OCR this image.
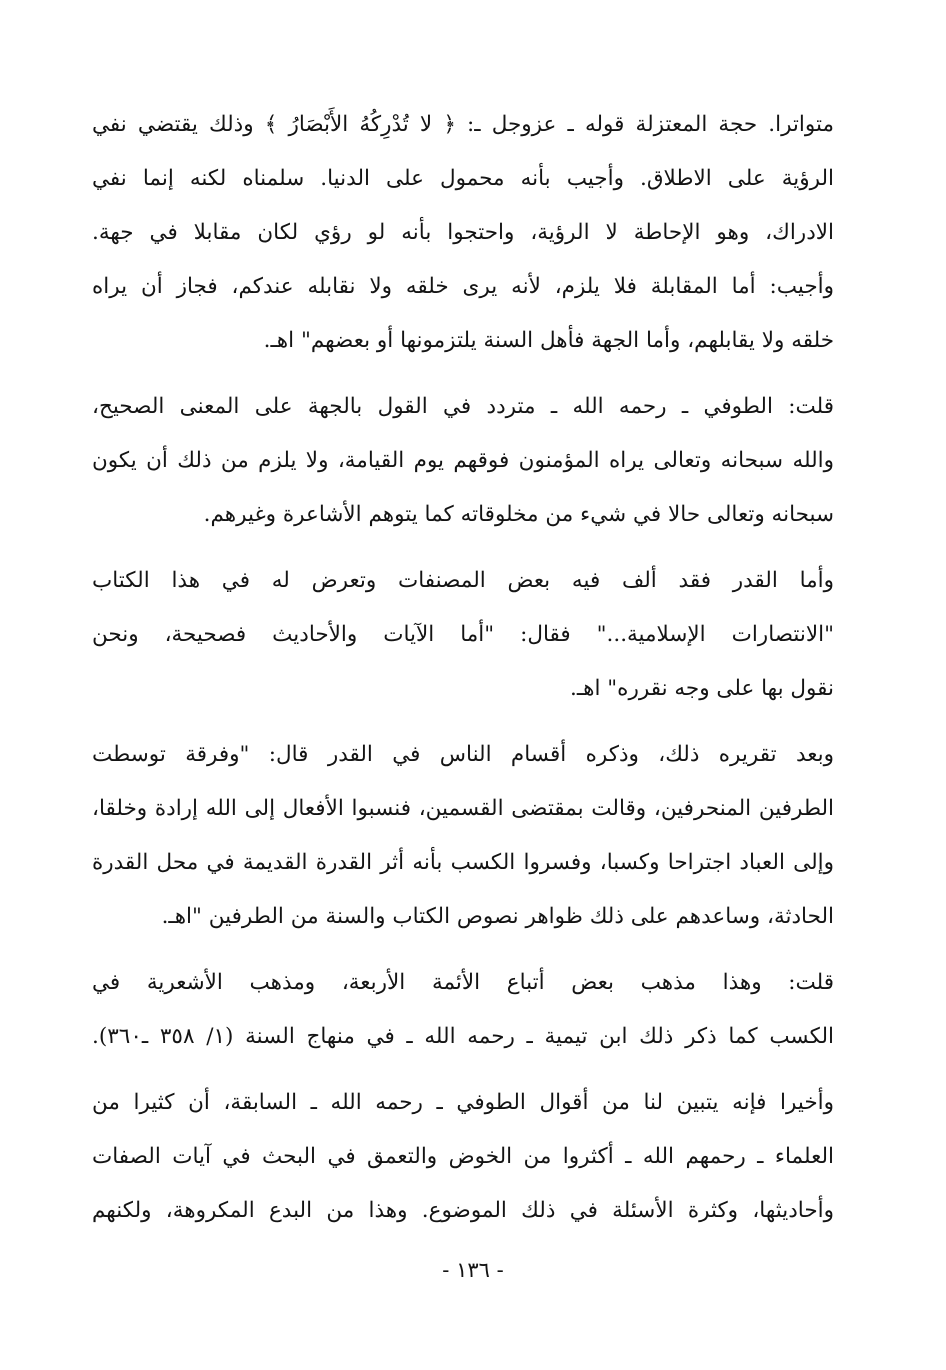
متواترا. حجة المعتزلة قوله ـ عزوجل ـ: ﴿ لا تُدْرِكُهُ الأَبْصَارُ ﴾ وذلك يقتضي نفي
الرؤية على الاطلاق. وأجيب بأنه محمول على الدنيا. سلمناه لكنه إنما نفي
الادراك، وهو الإحاطة لا الرؤية، واحتجوا بأنه لو رؤي لكان مقابلا في جهة.
وأجيب: أما المقابلة فلا يلزم، لأنه يرى خلقه ولا نقابله عندكم، فجاز أن يراه
خلقه ولا يقابلهم، وأما الجهة فأهل السنة يلتزمونها أو بعضهم" اهـ.
قلت: الطوفي ـ رحمه الله ـ متردد في القول بالجهة على المعنى الصحيح،
والله سبحانه وتعالى يراه المؤمنون فوقهم يوم القيامة، ولا يلزم من ذلك أن يكون
سبحانه وتعالى حالا في شيء من مخلوقاته كما يتوهم الأشاعرة وغيرهم.
وأما القدر فقد ألف فيه بعض المصنفات وتعرض له في هذا الكتاب
"الانتصارات الإسلامية..." فقال: "أما الآيات والأحاديث فصحيحة، ونحن
نقول بها على وجه نقرره" اهـ.
وبعد تقريره ذلك، وذكره أقسام الناس في القدر قال: "وفرقة توسطت
الطرفين المنحرفين، وقالت بمقتضى القسمين، فنسبوا الأفعال إلى الله إرادة وخلقا،
وإلى العباد اجتراحا وكسبا، وفسروا الكسب بأنه أثر القدرة القديمة في محل القدرة
الحادثة، وساعدهم على ذلك ظواهر نصوص الكتاب والسنة من الطرفين "اهـ.
قلت: وهذا مذهب بعض أتباع الأئمة الأربعة، ومذهب الأشعرية في
الكسب كما ذكر ذلك ابن تيمية ـ رحمه الله ـ في منهاج السنة (١/ ٣٥٨ ـ٣٦٠).
وأخيرا فإنه يتبين لنا من أقوال الطوفي ـ رحمه الله ـ السابقة، أن كثيرا من
العلماء ـ رحمهم الله ـ أكثروا من الخوض والتعمق في البحث في آيات الصفات
وأحاديثها، وكثرة الأسئلة في ذلك الموضوع. وهذا من البدع المكروهة، ولكنهم
- ١٣٦ -
